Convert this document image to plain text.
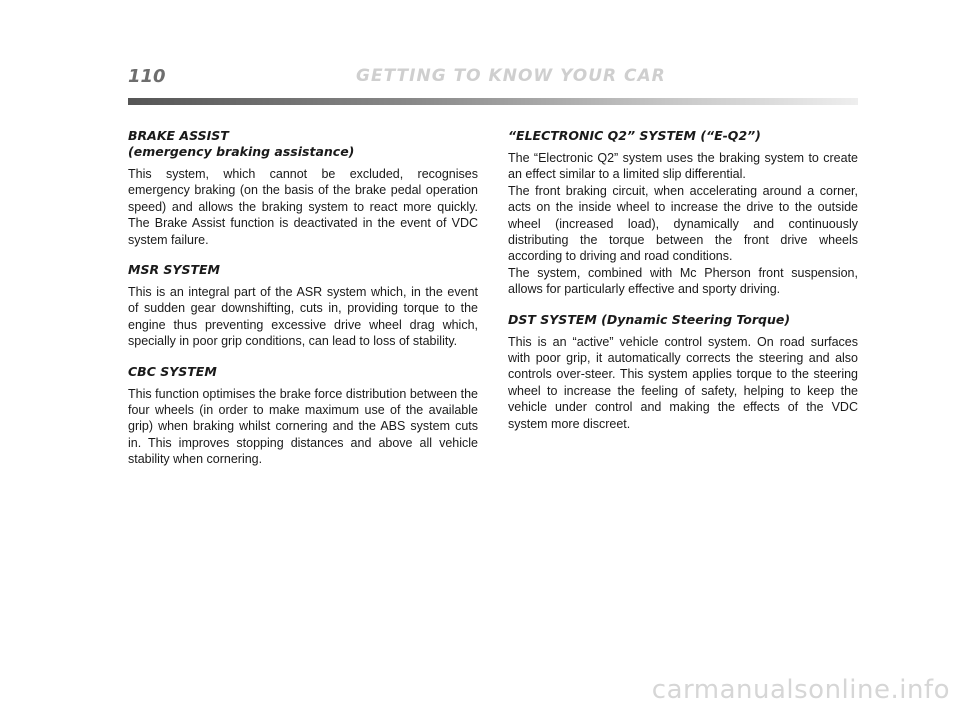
110	GETTING TO KNOW YOUR CAR
BRAKE ASSIST
(emergency braking assistance)

This system, which cannot be excluded, recognises emergency braking (on the basis of the brake pedal operation speed) and allows the braking system to react more quickly. The Brake Assist function is deactivated in the event of VDC system failure.

MSR SYSTEM

This is an integral part of the ASR system which, in the event of sudden gear downshifting, cuts in, providing torque to the engine thus preventing excessive drive wheel drag which, specially in poor grip conditions, can lead to loss of stability.

CBC SYSTEM

This function optimises the brake force distribution between the four wheels (in order to make maximum use of the available grip) when braking whilst cornering and the ABS system cuts in. This improves stopping distances and above all vehicle stability when cornering.

“ELECTRONIC Q2” SYSTEM (“E-Q2”)

The “Electronic Q2” system uses the braking system to create an effect similar to a limited slip differential.

The front braking circuit, when accelerating around a corner, acts on the inside wheel to increase the drive to the outside wheel (increased load), dynamically and continuously distributing the torque between the front drive wheels according to driving and road conditions.

The system, combined with Mc Pherson front suspension, allows for particularly effective and sporty driving.

DST SYSTEM (Dynamic Steering Torque)

This is an “active” vehicle control system. On road surfaces with poor grip, it automatically corrects the steering and also controls over-steer. This system applies torque to the steering wheel to increase the feeling of safety, helping to keep the vehicle under control and making the effects of the VDC system more discreet.

carmanualsonline.info
